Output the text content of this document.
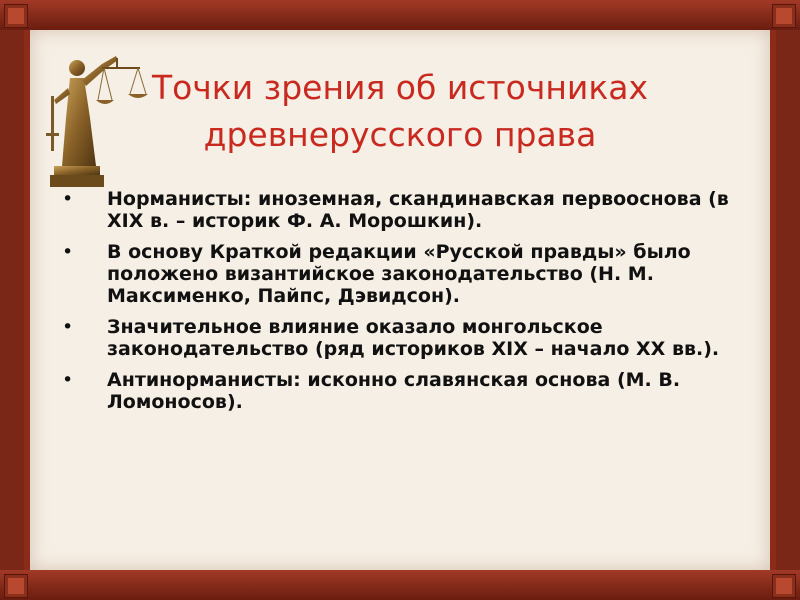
Точки зрения об источниках
древнерусского права
• Норманисты: иноземная, скандинавская первооснова (в XIX в. – историк Ф. А. Морошкин).
• В основу Краткой редакции «Русской правды» было положено византийское законодательство (Н. М. Максименко, Пайпс, Дэвидсон).
• Значительное влияние оказало монгольское законодательство (ряд историков XIX – начало ХХ вв.).
• Антинорманисты: исконно славянская основа (М. В. Ломоносов).
